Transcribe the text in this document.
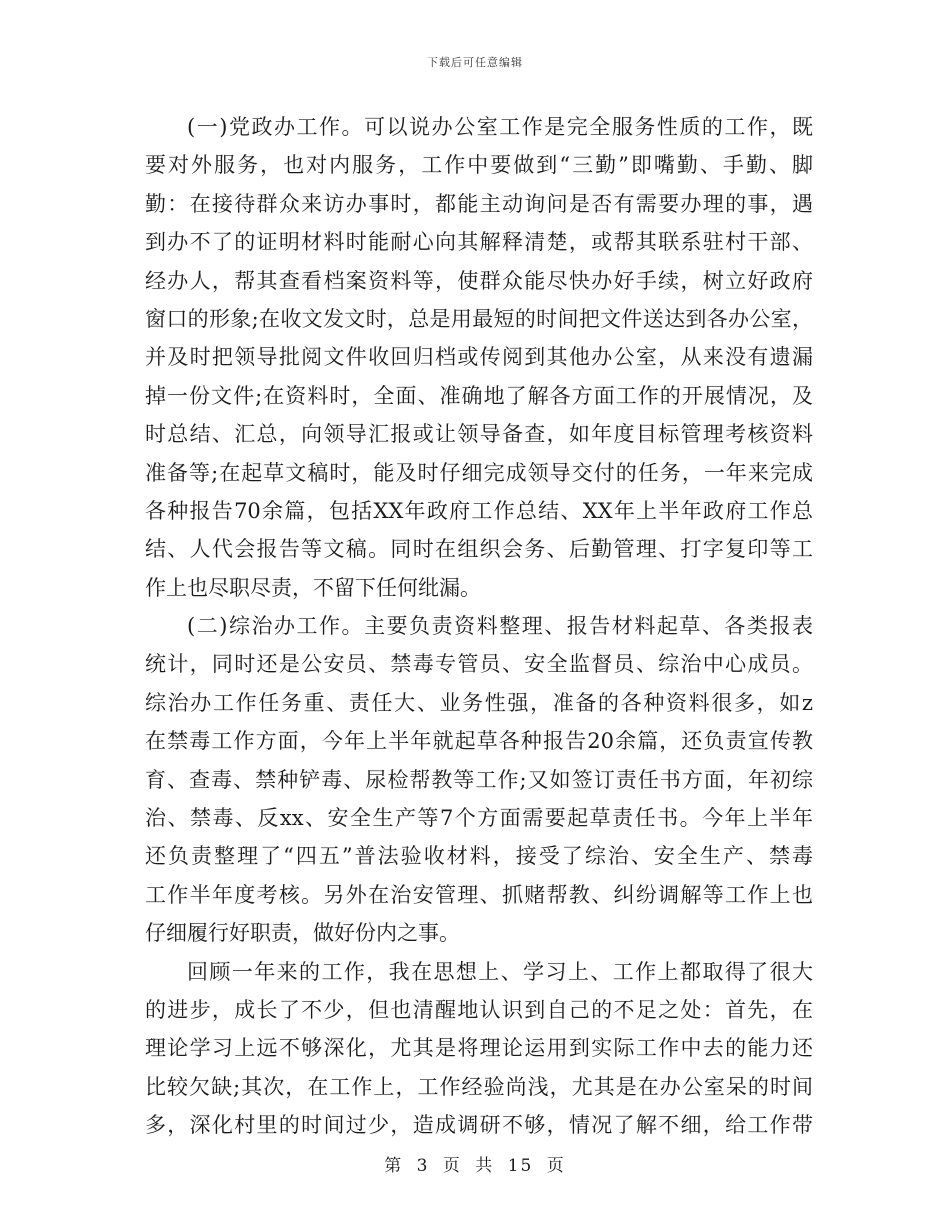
下载后可任意编辑
(一)党政办工作。可以说办公室工作是完全服务性质的工作，既
要对外服务，也对内服务，工作中要做到“三勤”即嘴勤、手勤、脚
勤：在接待群众来访办事时，都能主动询问是否有需要办理的事，遇
到办不了的证明材料时能耐心向其解释清楚，或帮其联系驻村干部、
经办人，帮其查看档案资料等，使群众能尽快办好手续，树立好政府
窗口的形象;在收文发文时，总是用最短的时间把文件送达到各办公室，
并及时把领导批阅文件收回归档或传阅到其他办公室，从来没有遗漏
掉一份文件;在资料时，全面、准确地了解各方面工作的开展情况，及
时总结、汇总，向领导汇报或让领导备查，如年度目标管理考核资料
准备等;在起草文稿时，能及时仔细完成领导交付的任务，一年来完成
各种报告70余篇，包括XX年政府工作总结、XX年上半年政府工作总
结、人代会报告等文稿。同时在组织会务、后勤管理、打字复印等工
作上也尽职尽责，不留下任何纰漏。
(二)综治办工作。主要负责资料整理、报告材料起草、各类报表
统计，同时还是公安员、禁毒专管员、安全监督员、综治中心成员。
综治办工作任务重、责任大、业务性强，准备的各种资料很多，如z
在禁毒工作方面，今年上半年就起草各种报告20余篇，还负责宣传教
育、查毒、禁种铲毒、尿检帮教等工作;又如签订责任书方面，年初综
治、禁毒、反xx、安全生产等7个方面需要起草责任书。今年上半年
还负责整理了“四五”普法验收材料，接受了综治、安全生产、禁毒
工作半年度考核。另外在治安管理、抓赌帮教、纠纷调解等工作上也
仔细履行好职责，做好份内之事。
回顾一年来的工作，我在思想上、学习上、工作上都取得了很大
的进步，成长了不少，但也清醒地认识到自己的不足之处：首先，在
理论学习上远不够深化，尤其是将理论运用到实际工作中去的能力还
比较欠缺;其次，在工作上，工作经验尚浅，尤其是在办公室呆的时间
多，深化村里的时间过少，造成调研不够，情况了解不细，给工作带
第 3 页 共 15 页
